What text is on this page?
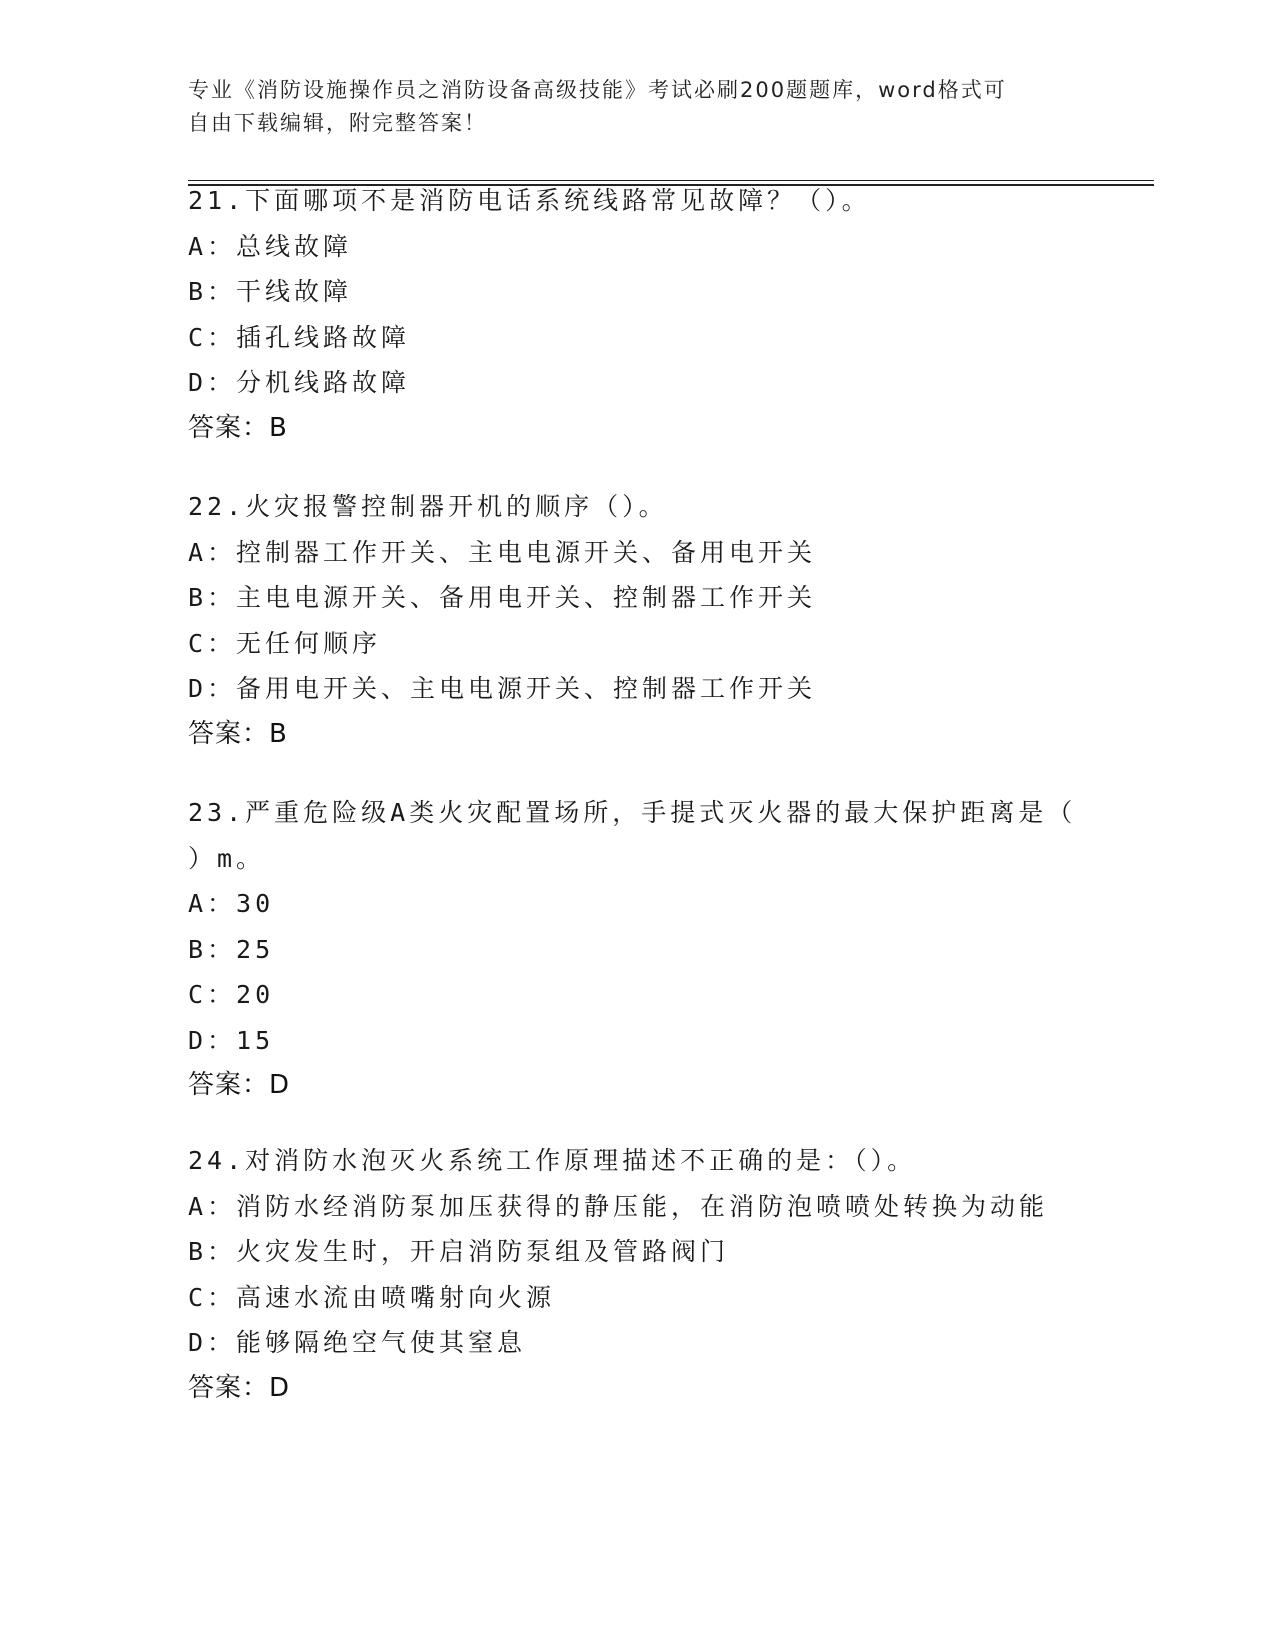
专业《消防设施操作员之消防设备高级技能》考试必刷200题题库，word格式可
自由下载编辑，附完整答案！
21.下面哪项不是消防电话系统线路常见故障？（）。
A：总线故障
B：干线故障
C：插孔线路故障
D：分机线路故障
答案：B
22.火灾报警控制器开机的顺序（）。
A：控制器工作开关、主电电源开关、备用电开关
B：主电电源开关、备用电开关、控制器工作开关
C：无任何顺序
D：备用电开关、主电电源开关、控制器工作开关
答案：B
23.严重危险级A类火灾配置场所，手提式灭火器的最大保护距离是（
）m。
A：30
B：25
C：20
D：15
答案：D
24.对消防水泡灭火系统工作原理描述不正确的是：（）。
A：消防水经消防泵加压获得的静压能，在消防泡喷喷处转换为动能
B：火灾发生时，开启消防泵组及管路阀门
C：高速水流由喷嘴射向火源
D：能够隔绝空气使其窒息
答案：D
